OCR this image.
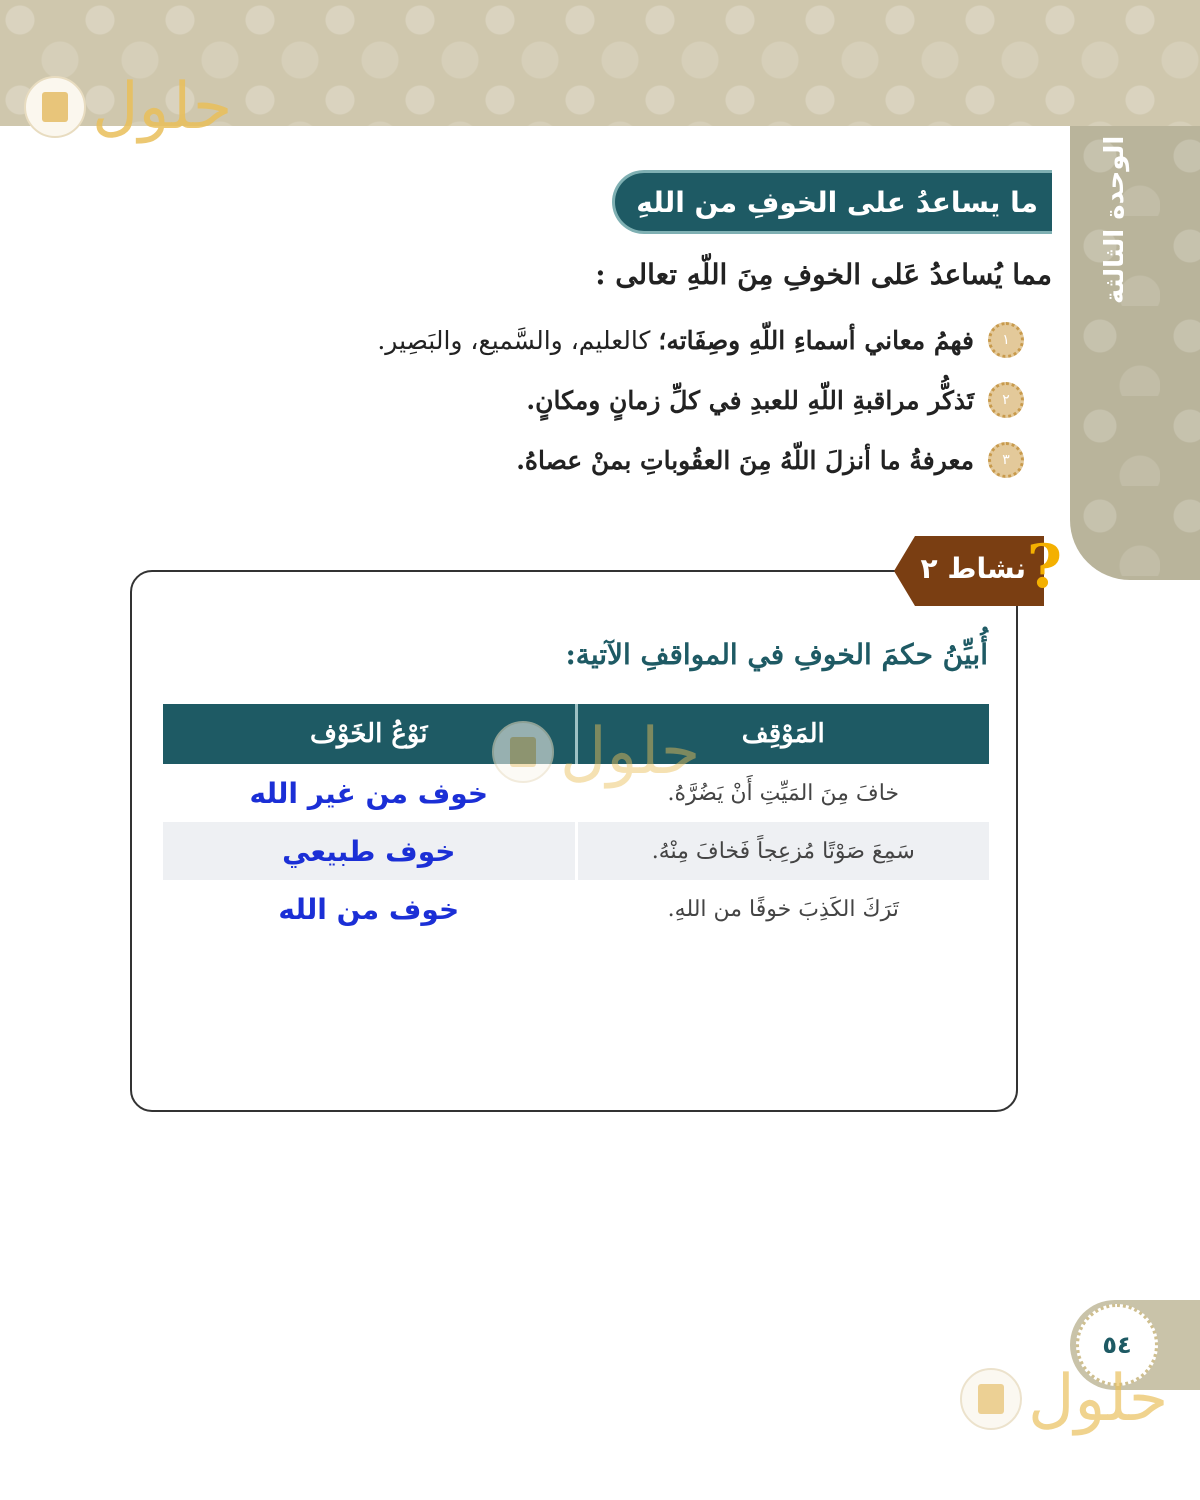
حلول
الوحدة الثالثة
ما يساعدُ على الخوفِ من اللهِ
مما يُساعدُ عَلى الخوفِ مِنَ اللّهِ تعالى :
١
فهمُ معاني أسماءِ اللّهِ وصِفَاته؛ كالعليم، والسَّميع، والبَصِير.
٢
تَذكُّر مراقبةِ اللّهِ للعبدِ في كلِّ زمانٍ ومكانٍ.
٣
معرفةُ ما أنزلَ اللّهُ مِنَ العقُوباتِ بمنْ عصاهُ.
نشاط ٢ ?
أُبيِّنُ حكمَ الخوفِ في المواقفِ الآتية:
المَوْقِف
نَوْعُ الخَوْف
خافَ مِنَ المَيِّتِ أَنْ يَضُرَّهُ.
خوف من غير الله
سَمِعَ صَوْتًا مُزعِجاً فَخافَ مِنْهُ.
خوف طبيعي
تَرَكَ الكَذِبَ خوفًا من اللهِ.
خوف من الله
حلول
٥٤
حلول
